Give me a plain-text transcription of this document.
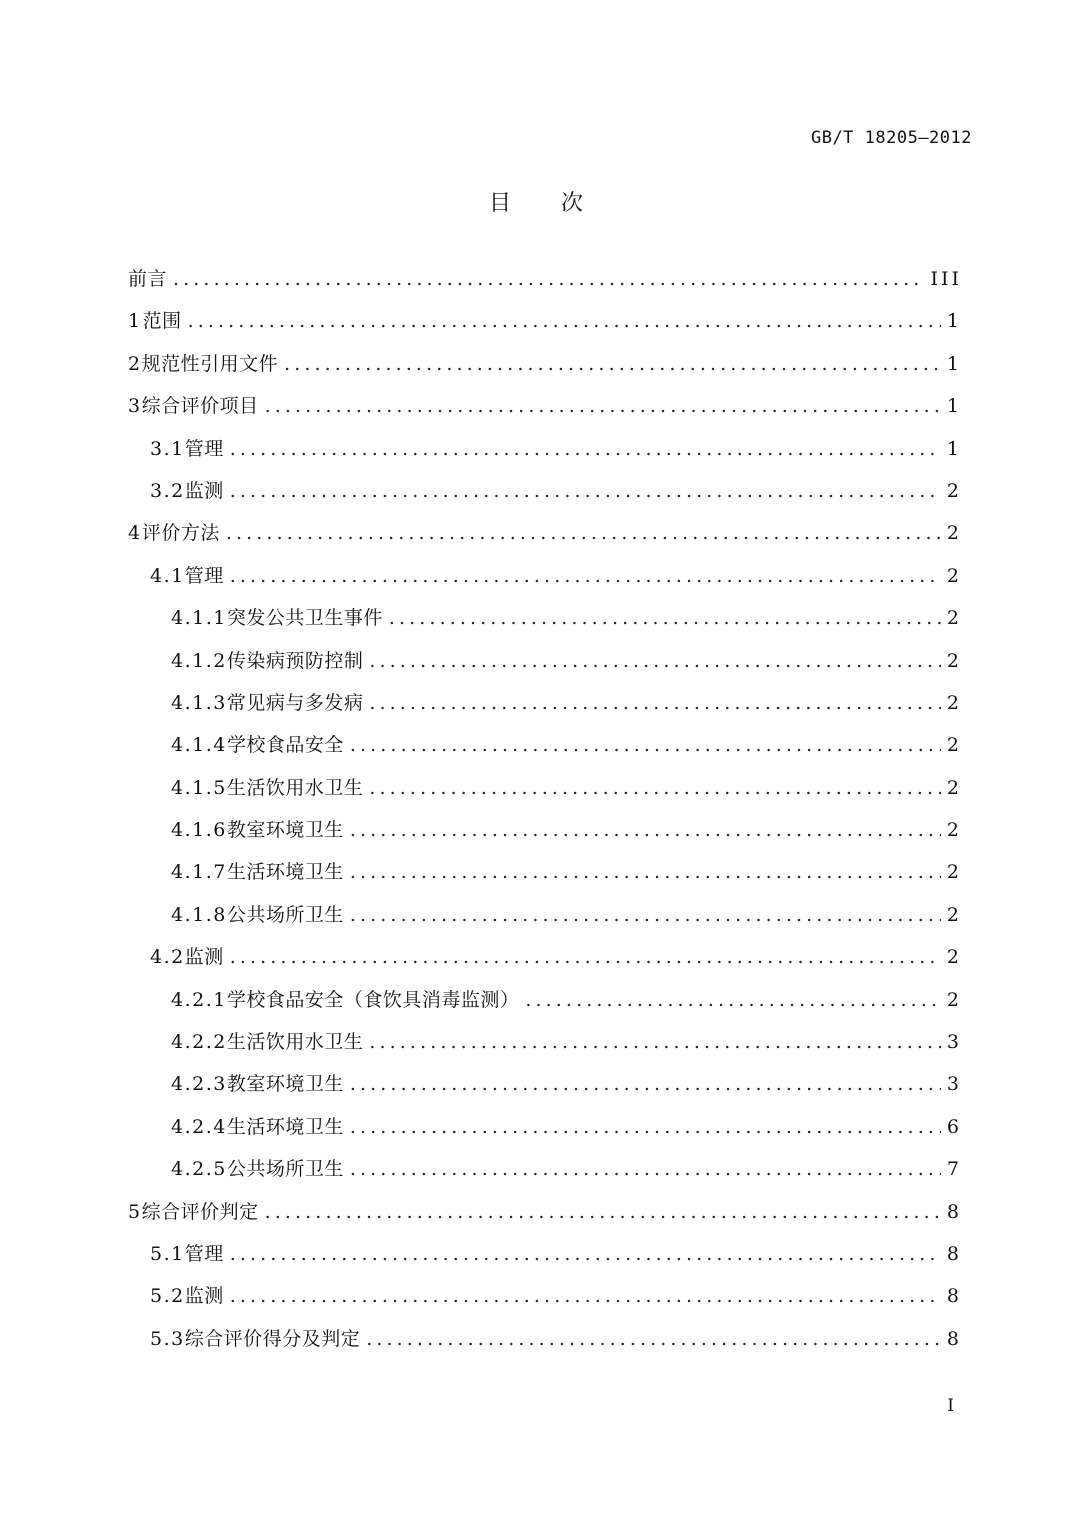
GB/T 18205—2012
目 次
前言 .....	III
1 范围 .....	1
2 规范性引用文件 .....	1
3 综合评价项目 .....	1
3.1 管理 .....	1
3.2 监测 .....	2
4 评价方法 .....	2
4.1 管理 .....	2
4.1.1 突发公共卫生事件 .....	2
4.1.2 传染病预防控制 .....	2
4.1.3 常见病与多发病 .....	2
4.1.4 学校食品安全 .....	2
4.1.5 生活饮用水卫生 .....	2
4.1.6 教室环境卫生 .....	2
4.1.7 生活环境卫生 .....	2
4.1.8 公共场所卫生 .....	2
4.2 监测 .....	2
4.2.1 学校食品安全（食饮具消毒监测） .....	2
4.2.2 生活饮用水卫生 .....	3
4.2.3 教室环境卫生 .....	3
4.2.4 生活环境卫生 .....	6
4.2.5 公共场所卫生 .....	7
5 综合评价判定 .....	8
5.1 管理 .....	8
5.2 监测 .....	8
5.3 综合评价得分及判定 .....	8
I
